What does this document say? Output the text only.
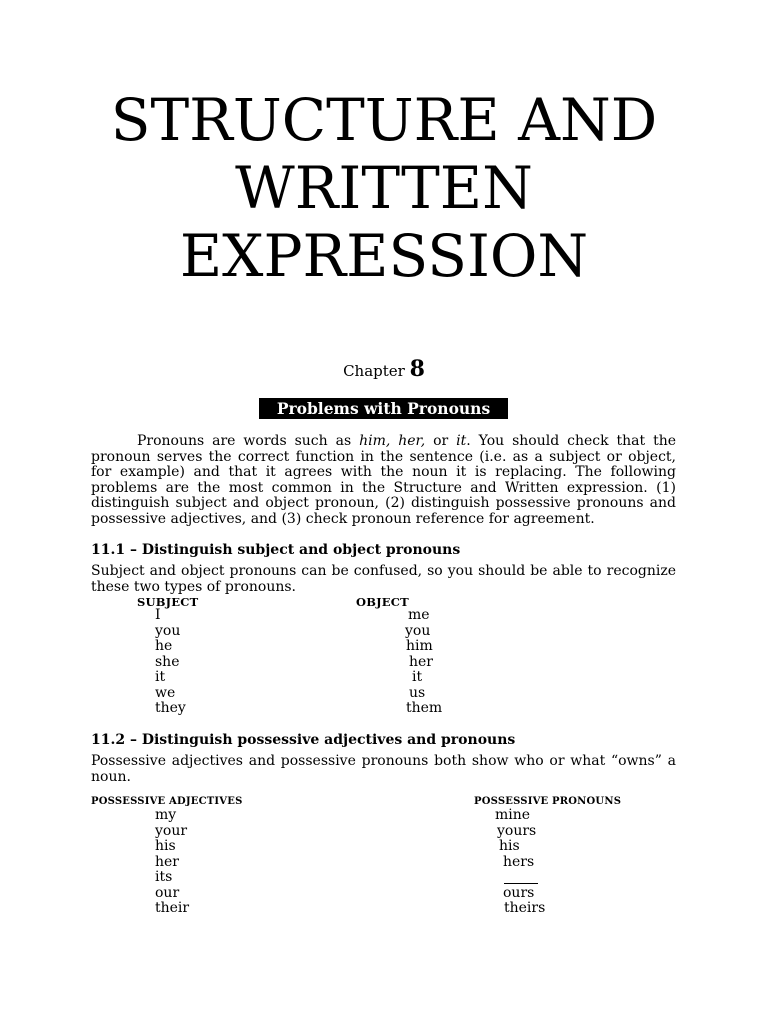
STRUCTURE AND
WRITTEN
EXPRESSION
Chapter 8
Problems with Pronouns
Pronouns are words such as him, her, or it. You should check that the pronoun serves the correct function in the sentence (i.e. as a subject or object, for example) and that it agrees with the noun it is replacing. The following problems are the most common in the Structure and Written expression. (1) distinguish subject and object pronoun, (2) distinguish possessive pronouns and possessive adjectives, and (3) check pronoun reference for agreement.
11.1 – Distinguish subject and object pronouns
Subject and object pronouns can be confused, so you should be able to recognize these two types of pronouns.
SUBJECT	OBJECT
I
you
he
she
it
we
they
me
you
him
her
it
us
them
11.2 – Distinguish possessive adjectives and pronouns
Possessive adjectives and possessive pronouns both show who or what “owns” a noun.
POSSESSIVE ADJECTIVES	POSSESSIVE PRONOUNS
my
your
his
her
its
our
their
mine
yours
his
hers
ours
theirs
